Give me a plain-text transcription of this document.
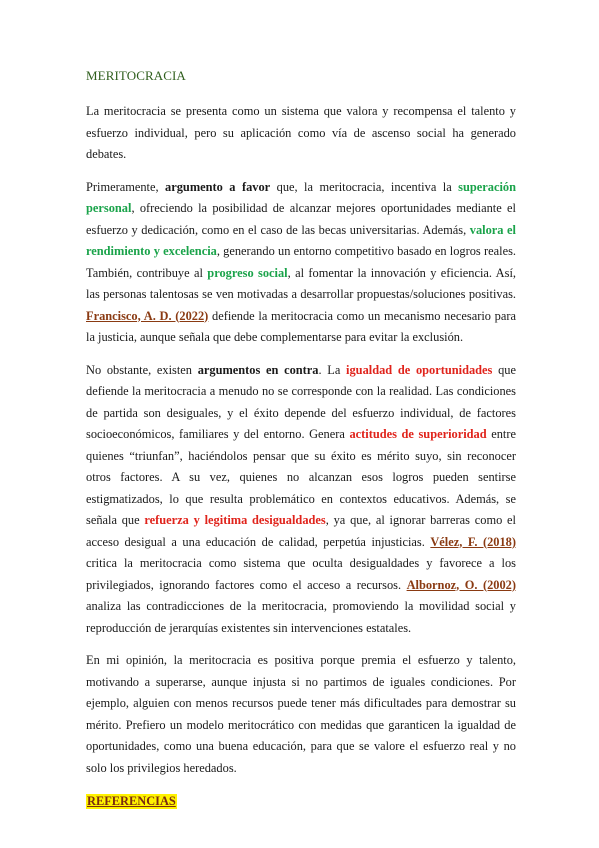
MERITOCRACIA

La meritocracia se presenta como un sistema que valora y recompensa el talento y esfuerzo individual, pero su aplicación como vía de ascenso social ha generado debates.

Primeramente, argumento a favor que, la meritocracia, incentiva la superación personal, ofreciendo la posibilidad de alcanzar mejores oportunidades mediante el esfuerzo y dedicación, como en el caso de las becas universitarias. Además, valora el rendimiento y excelencia, generando un entorno competitivo basado en logros reales. También, contribuye al progreso social, al fomentar la innovación y eficiencia. Así, las personas talentosas se ven motivadas a desarrollar propuestas/soluciones positivas. Francisco, A. D. (2022) defiende la meritocracia como un mecanismo necesario para la justicia, aunque señala que debe complementarse para evitar la exclusión.

No obstante, existen argumentos en contra. La igualdad de oportunidades que defiende la meritocracia a menudo no se corresponde con la realidad. Las condiciones de partida son desiguales, y el éxito depende del esfuerzo individual, de factores socioeconómicos, familiares y del entorno. Genera actitudes de superioridad entre quienes “triunfan”, haciéndolos pensar que su éxito es mérito suyo, sin reconocer otros factores. A su vez, quienes no alcanzan esos logros pueden sentirse estigmatizados, lo que resulta problemático en contextos educativos. Además, se señala que refuerza y legitima desigualdades, ya que, al ignorar barreras como el acceso desigual a una educación de calidad, perpetúa injusticias. Vélez, F. (2018) critica la meritocracia como sistema que oculta desigualdades y favorece a los privilegiados, ignorando factores como el acceso a recursos. Albornoz, O. (2002) analiza las contradicciones de la meritocracia, promoviendo la movilidad social y reproducción de jerarquías existentes sin intervenciones estatales.

En mi opinión, la meritocracia es positiva porque premia el esfuerzo y talento, motivando a superarse, aunque injusta si no partimos de iguales condiciones. Por ejemplo, alguien con menos recursos puede tener más dificultades para demostrar su mérito. Prefiero un modelo meritocrático con medidas que garanticen la igualdad de oportunidades, como una buena educación, para que se valore el esfuerzo real y no solo los privilegios heredados.

REFERENCIAS
